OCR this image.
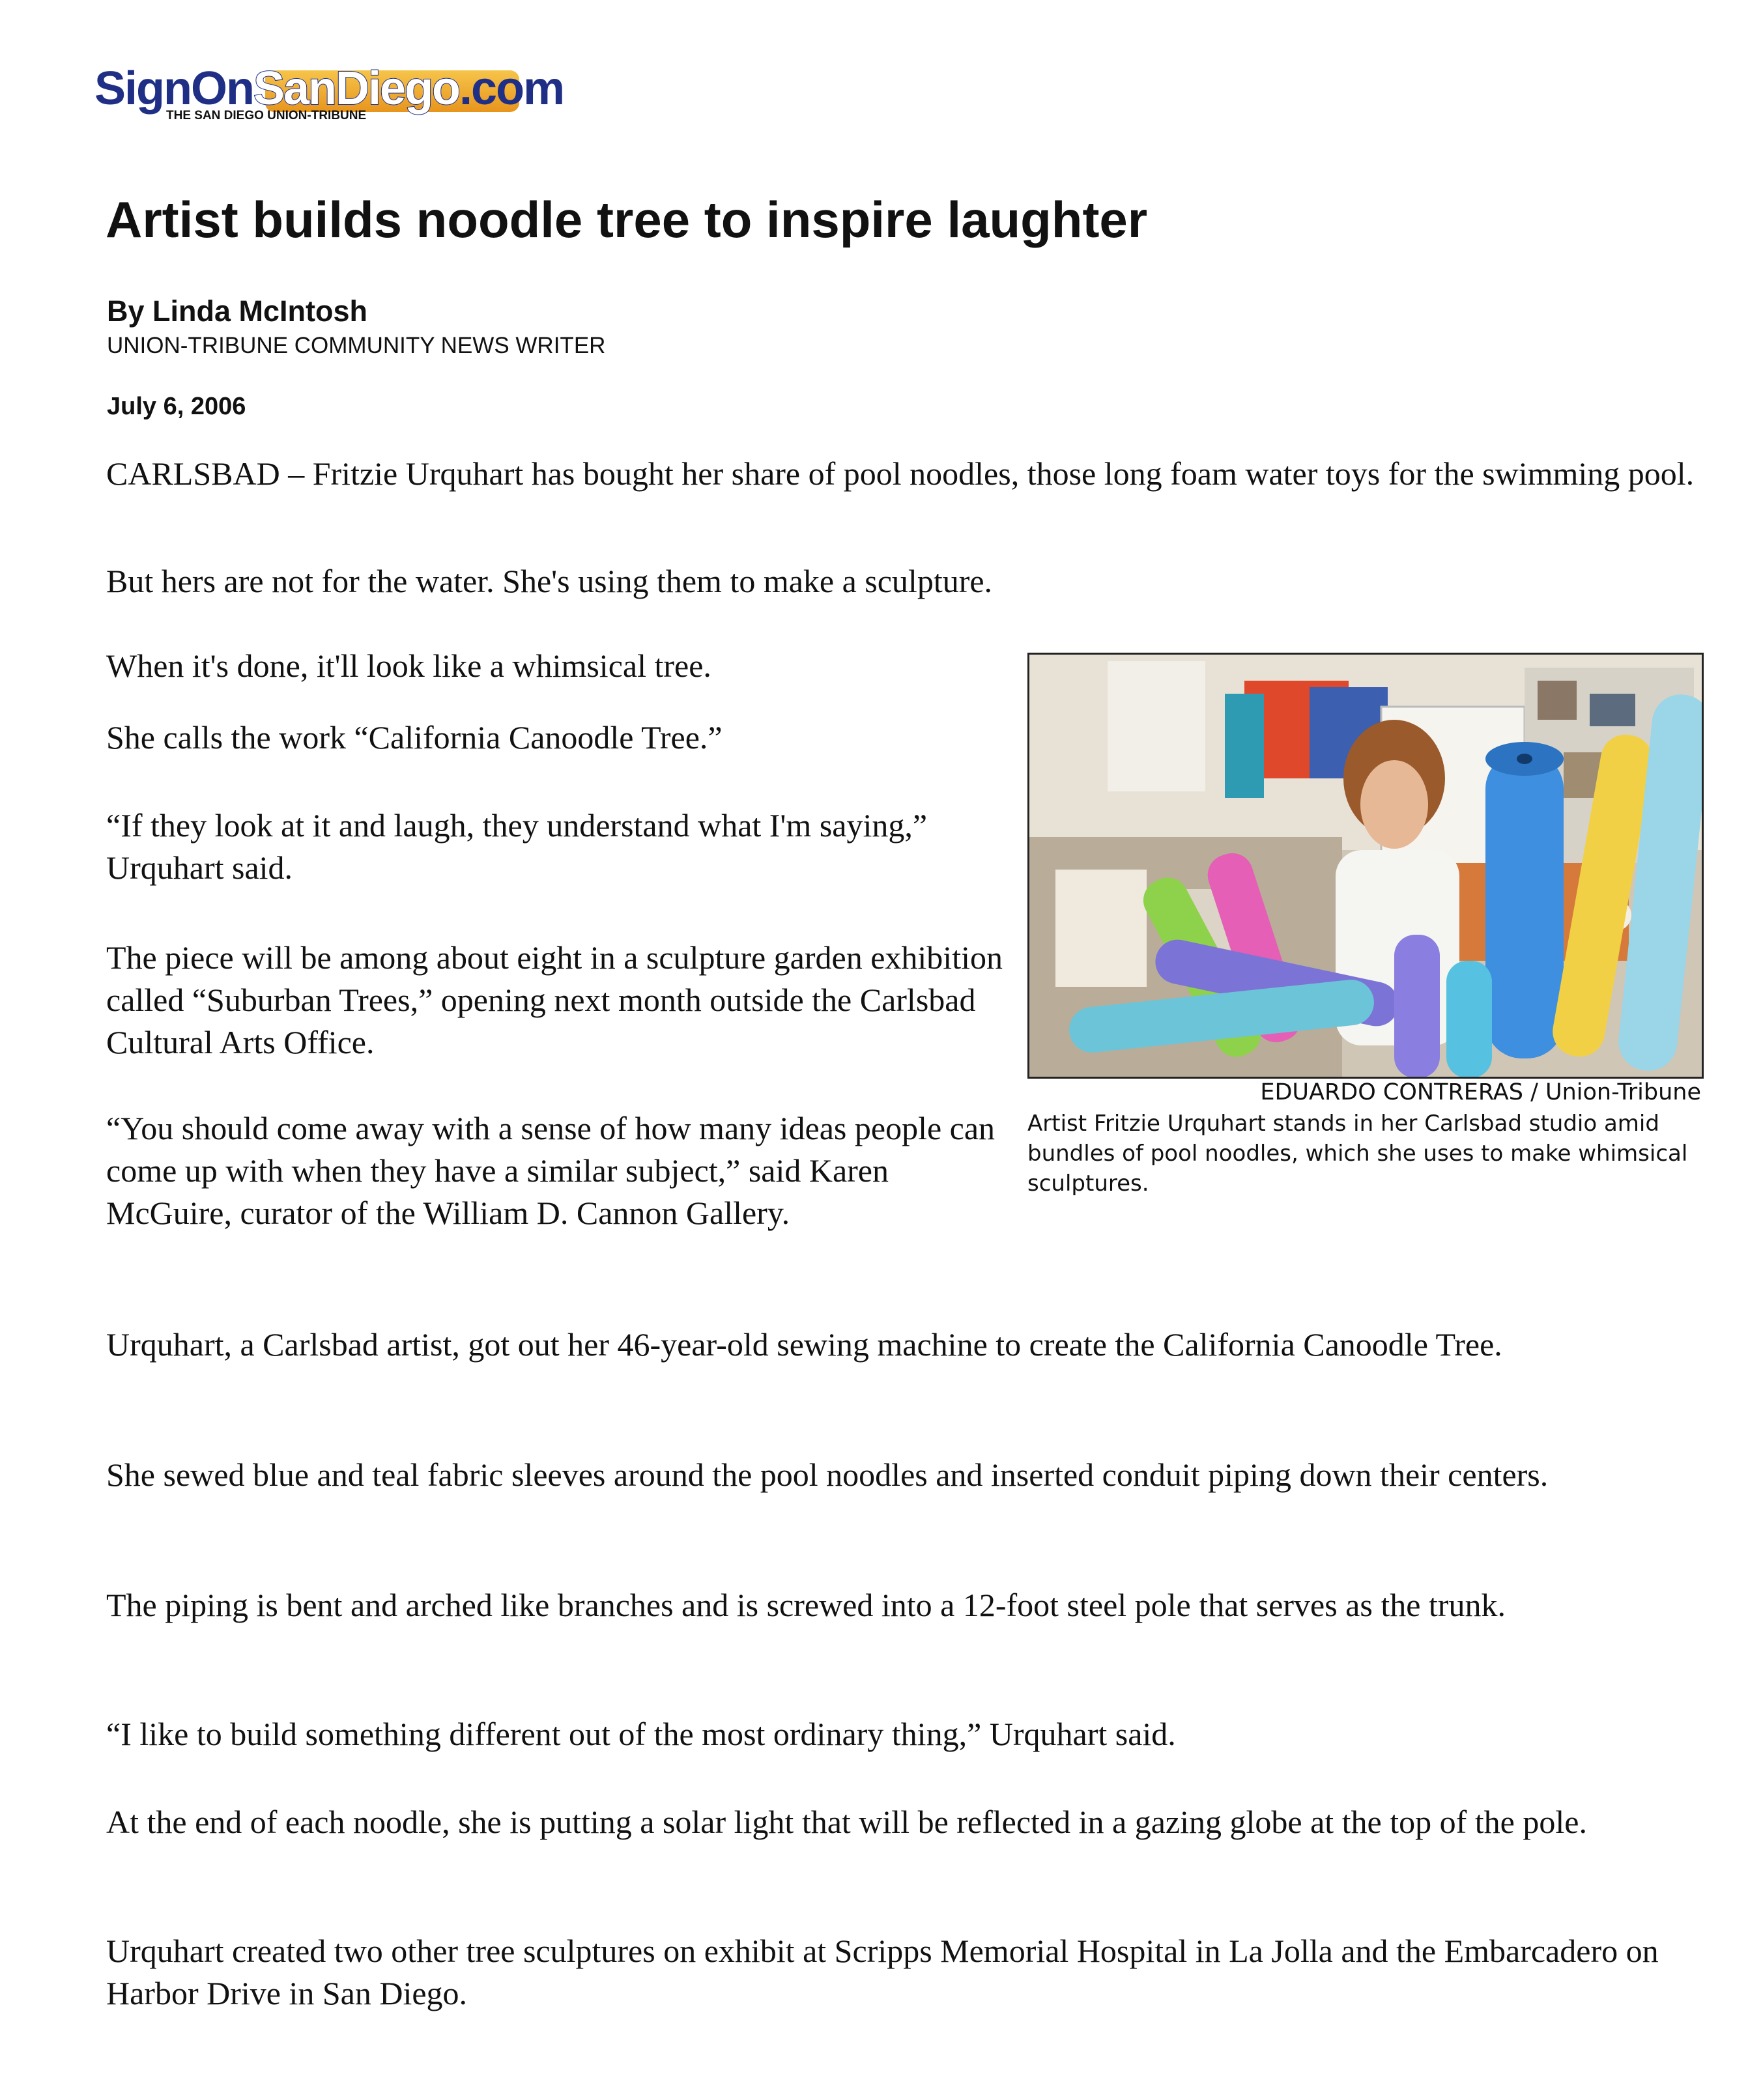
SignOnSanDiego.com
THE SAN DIEGO UNION-TRIBUNE
Artist builds noodle tree to inspire laughter
By Linda McIntosh
UNION-TRIBUNE COMMUNITY NEWS WRITER
July 6, 2006

CARLSBAD – Fritzie Urquhart has bought her share of pool noodles, those long foam water toys for the swimming pool.

But hers are not for the water. She's using them to make a sculpture.

When it's done, it'll look like a whimsical tree.

She calls the work “California Canoodle Tree.”

“If they look at it and laugh, they understand what I'm saying,” Urquhart said.

The piece will be among about eight in a sculpture garden exhibition called “Suburban Trees,” opening next month outside the Carlsbad Cultural Arts Office.

“You should come away with a sense of how many ideas people can come up with when they have a similar subject,” said Karen McGuire, curator of the William D. Cannon Gallery.

Urquhart, a Carlsbad artist, got out her 46-year-old sewing machine to create the California Canoodle Tree.

She sewed blue and teal fabric sleeves around the pool noodles and inserted conduit piping down their centers.

The piping is bent and arched like branches and is screwed into a 12-foot steel pole that serves as the trunk.

“I like to build something different out of the most ordinary thing,” Urquhart said.

At the end of each noodle, she is putting a solar light that will be reflected in a gazing globe at the top of the pole.

Urquhart created two other tree sculptures on exhibit at Scripps Memorial Hospital in La Jolla and the Embarcadero on Harbor Drive in San Diego.

EDUARDO CONTRERAS / Union-Tribune

Artist Fritzie Urquhart stands in her Carlsbad studio amid bundles of pool noodles, which she uses to make whimsical sculptures.
